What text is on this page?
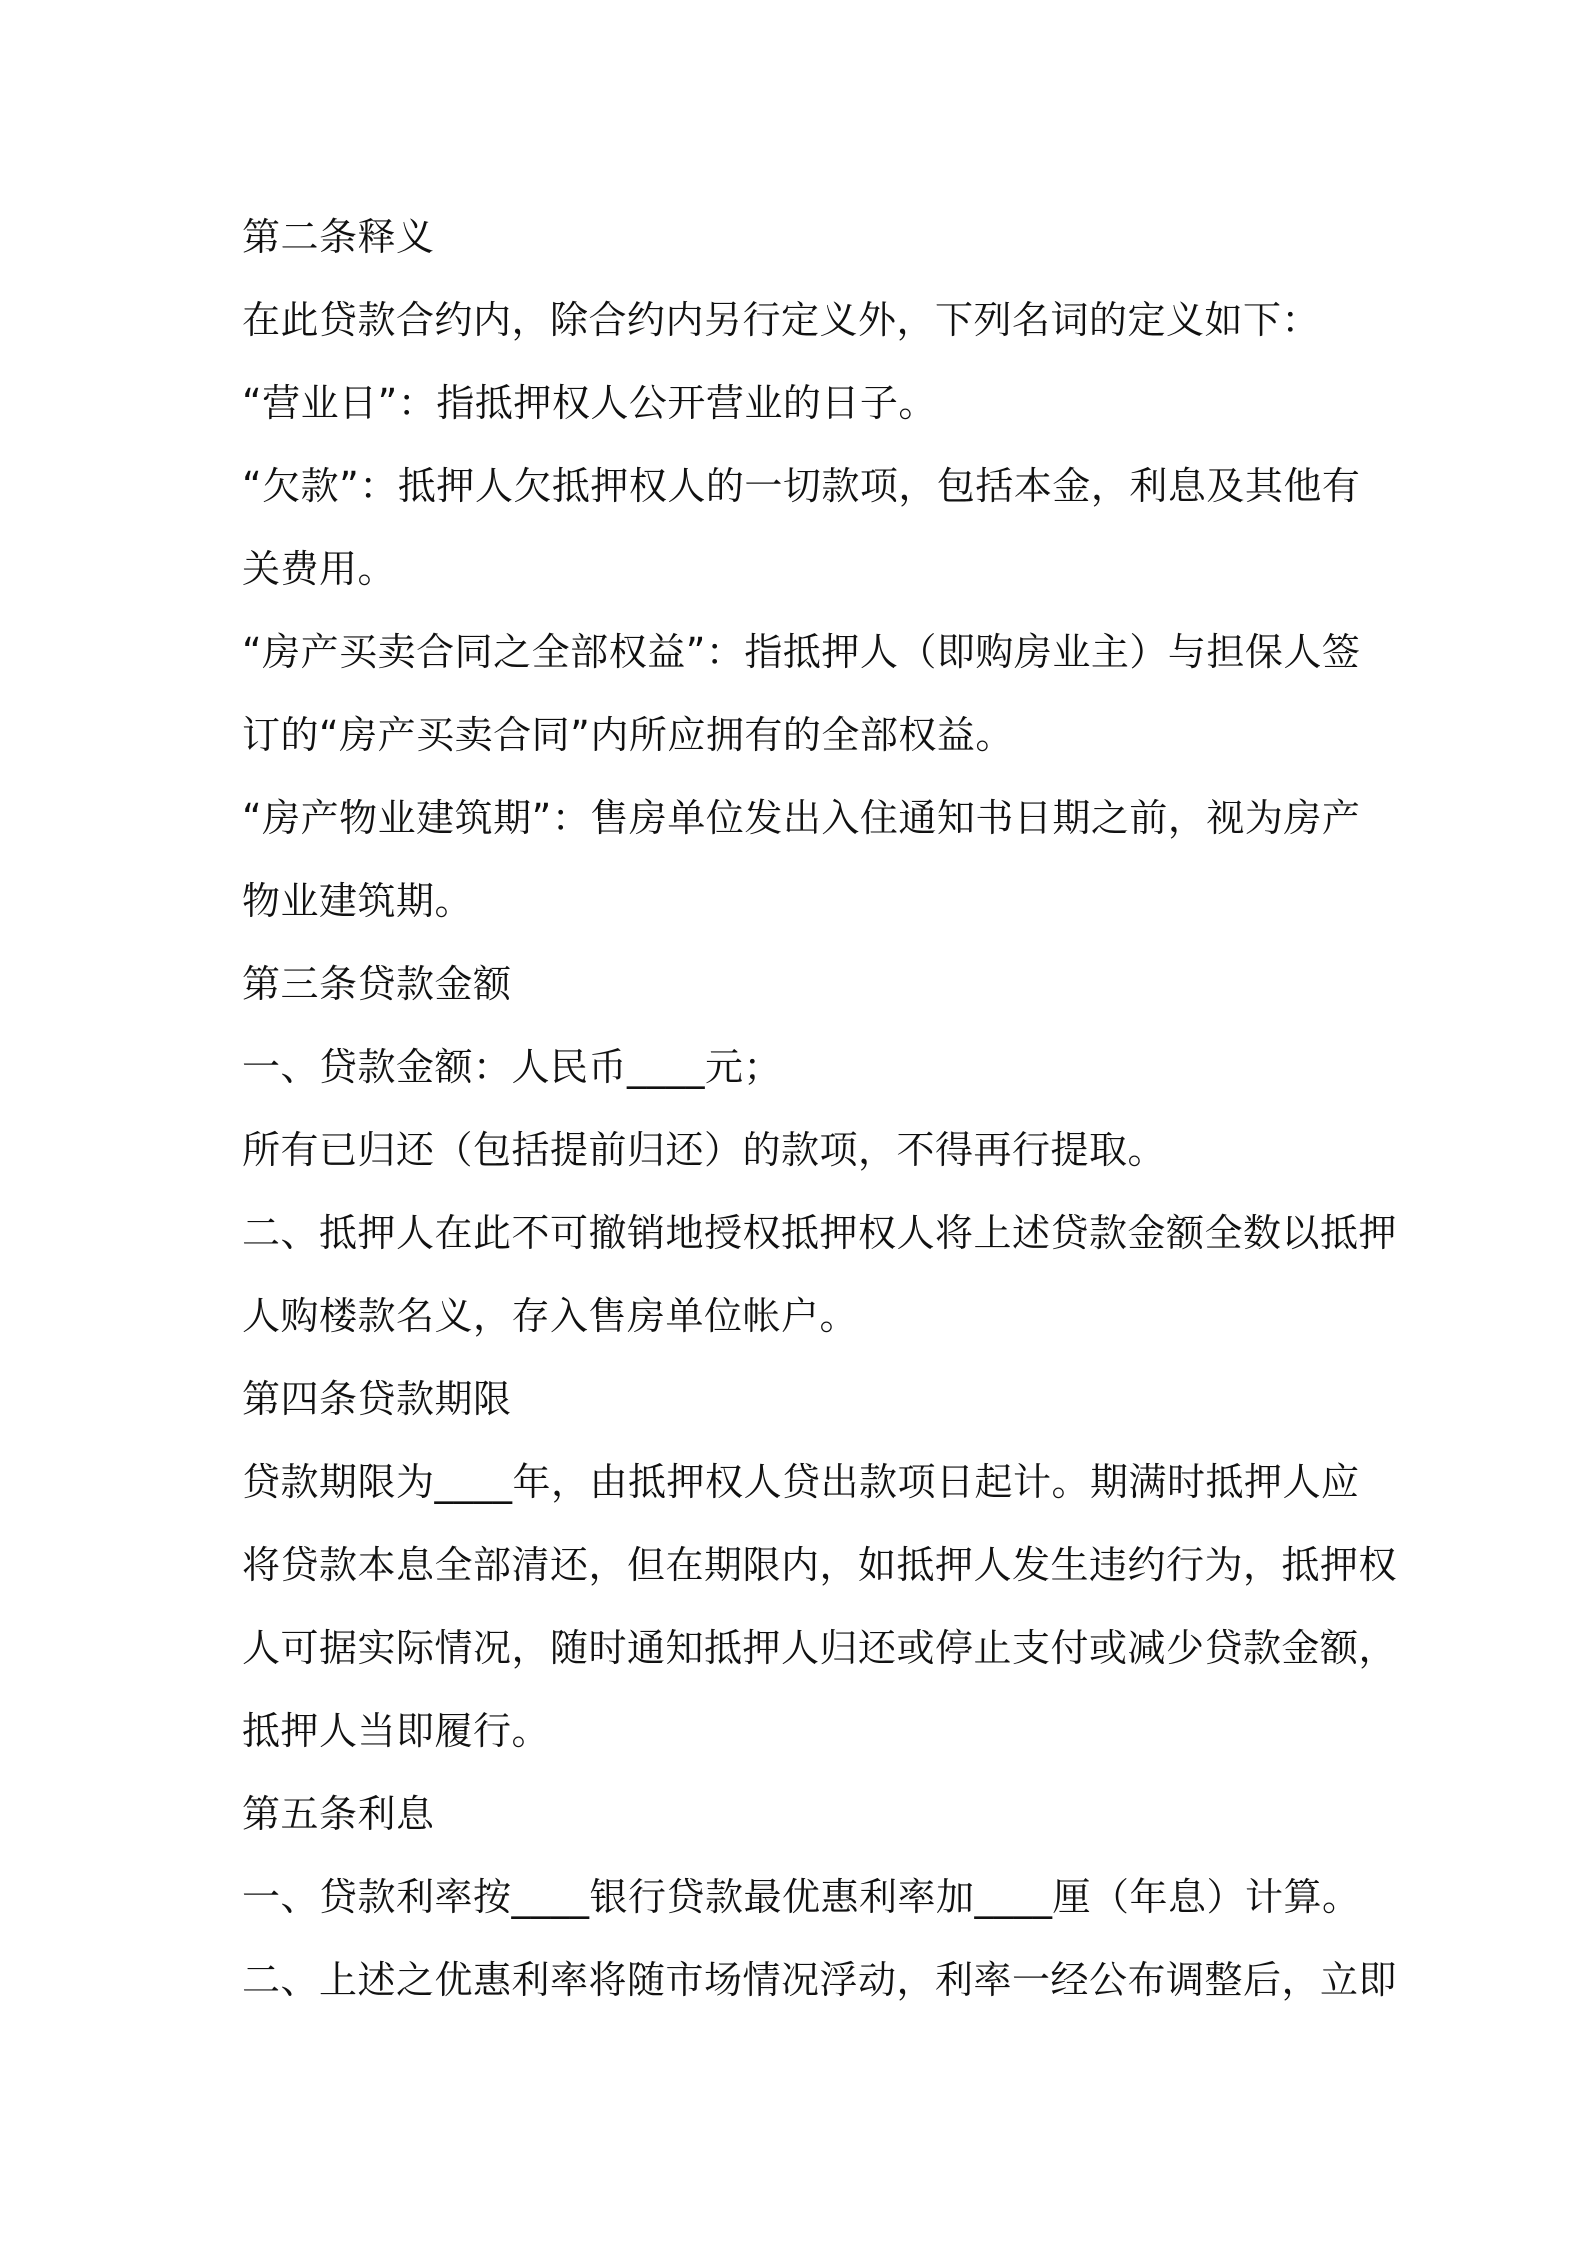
第二条释义
在此贷款合约内，除合约内另行定义外，下列名词的定义如下：
“营业日”：指抵押权人公开营业的日子。
“欠款”：抵押人欠抵押权人的一切款项，包括本金，利息及其他有
关费用。
“房产买卖合同之全部权益”：指抵押人（即购房业主）与担保人签
订的“房产买卖合同”内所应拥有的全部权益。
“房产物业建筑期”：售房单位发出入住通知书日期之前，视为房产
物业建筑期。
第三条贷款金额
一、贷款金额：人民币____元；
所有已归还（包括提前归还）的款项，不得再行提取。
二、抵押人在此不可撤销地授权抵押权人将上述贷款金额全数以抵押
人购楼款名义，存入售房单位帐户。
第四条贷款期限
贷款期限为____年，由抵押权人贷出款项日起计。期满时抵押人应
将贷款本息全部清还，但在期限内，如抵押人发生违约行为，抵押权
人可据实际情况，随时通知抵押人归还或停止支付或减少贷款金额，
抵押人当即履行。
第五条利息
一、贷款利率按____银行贷款最优惠利率加____厘（年息）计算。
二、上述之优惠利率将随市场情况浮动，利率一经公布调整后，立即
